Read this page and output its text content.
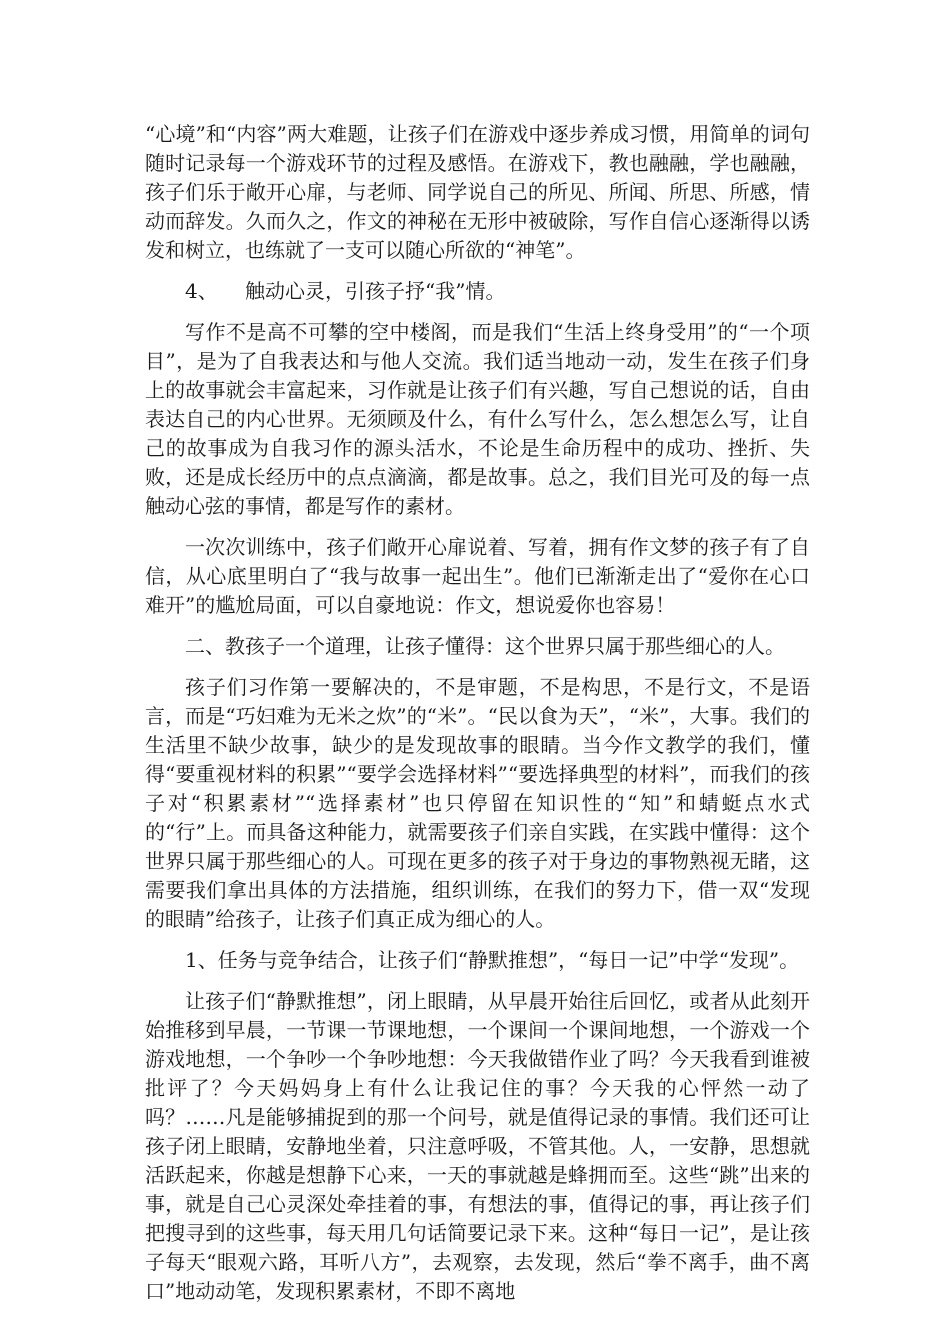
“心境”和“内容”两大难题，让孩子们在游戏中逐步养成习惯，用简单的词句随时记录每一个游戏环节的过程及感悟。在游戏下，教也融融，学也融融，孩子们乐于敞开心扉，与老师、同学说自己的所见、所闻、所思、所感，情动而辞发。久而久之，作文的神秘在无形中被破除，写作自信心逐渐得以诱发和树立，也练就了一支可以随心所欲的“神笔”。

4、	触动心灵，引孩子抒“我”情。

写作不是高不可攀的空中楼阁，而是我们“生活上终身受用”的“一个项目”，是为了自我表达和与他人交流。我们适当地动一动，发生在孩子们身上的故事就会丰富起来，习作就是让孩子们有兴趣，写自己想说的话，自由表达自己的内心世界。无须顾及什么，有什么写什么，怎么想怎么写，让自己的故事成为自我习作的源头活水，不论是生命历程中的成功、挫折、失败，还是成长经历中的点点滴滴，都是故事。总之，我们目光可及的每一点触动心弦的事情，都是写作的素材。

一次次训练中，孩子们敞开心扉说着、写着，拥有作文梦的孩子有了自信，从心底里明白了“我与故事一起出生”。他们已渐渐走出了“爱你在心口难开”的尴尬局面，可以自豪地说：作文，想说爱你也容易！

二、教孩子一个道理，让孩子懂得：这个世界只属于那些细心的人。

孩子们习作第一要解决的，不是审题，不是构思，不是行文，不是语言，而是“巧妇难为无米之炊”的“米”。“民以食为天”，“米”，大事。我们的生活里不缺少故事，缺少的是发现故事的眼睛。当今作文教学的我们，懂得“要重视材料的积累”“要学会选择材料”“要选择典型的材料”，而我们的孩子对“积累素材”“选择素材”也只停留在知识性的“知”和蜻蜓点水式的“行”上。而具备这种能力，就需要孩子们亲自实践，在实践中懂得：这个世界只属于那些细心的人。可现在更多的孩子对于身边的事物熟视无睹，这需要我们拿出具体的方法措施，组织训练，在我们的努力下，借一双“发现的眼睛”给孩子，让孩子们真正成为细心的人。

1、任务与竞争结合，让孩子们“静默推想”，“每日一记”中学“发现”。

让孩子们“静默推想”，闭上眼睛，从早晨开始往后回忆，或者从此刻开始推移到早晨，一节课一节课地想，一个课间一个课间地想，一个游戏一个游戏地想，一个争吵一个争吵地想：今天我做错作业了吗？今天我看到谁被批评了？今天妈妈身上有什么让我记住的事？今天我的心怦然一动了吗？……凡是能够捕捉到的那一个问号，就是值得记录的事情。我们还可让孩子闭上眼睛，安静地坐着，只注意呼吸，不管其他。人，一安静，思想就活跃起来，你越是想静下心来，一天的事就越是蜂拥而至。这些“跳”出来的事，就是自己心灵深处牵挂着的事，有想法的事，值得记的事，再让孩子们把搜寻到的这些事，每天用几句话简要记录下来。这种“每日一记”，是让孩子每天“眼观六路，耳听八方”，去观察，去发现，然后“拳不离手，曲不离口”地动动笔，发现积累素材，不即不离地
